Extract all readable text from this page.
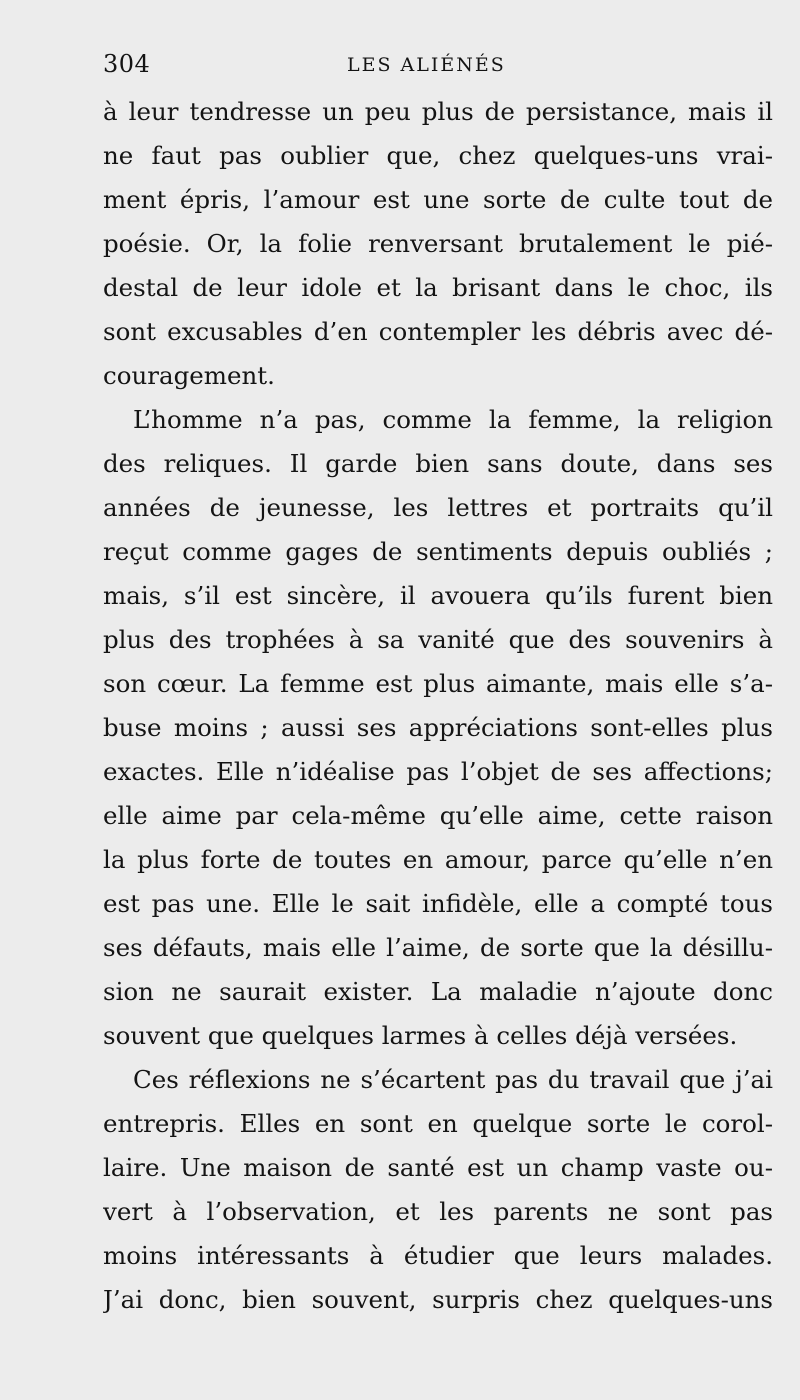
304	LES ALIÉNÉS
à leur tendresse un peu plus de persistance, mais il
ne faut pas oublier que, chez quelques-uns vrai-
ment épris, l’amour est une sorte de culte tout de
poésie. Or, la folie renversant brutalement le pié-
destal de leur idole et la brisant dans le choc, ils
sont excusables d’en contempler les débris avec dé-
couragement.
L’homme n’a pas, comme la femme, la religion
des reliques. Il garde bien sans doute, dans ses
années de jeunesse, les lettres et portraits qu’il
reçut comme gages de sentiments depuis oubliés ;
mais, s’il est sincère, il avouera qu’ils furent bien
plus des trophées à sa vanité que des souvenirs à
son cœur. La femme est plus aimante, mais elle s’a-
buse moins ; aussi ses appréciations sont-elles plus
exactes. Elle n’idéalise pas l’objet de ses affections;
elle aime par cela-même qu’elle aime, cette raison
la plus forte de toutes en amour, parce qu’elle n’en
est pas une. Elle le sait infidèle, elle a compté tous
ses défauts, mais elle l’aime, de sorte que la désillu-
sion ne saurait exister. La maladie n’ajoute donc
souvent que quelques larmes à celles déjà versées.
Ces réflexions ne s’écartent pas du travail que j’ai
entrepris. Elles en sont en quelque sorte le corol-
laire. Une maison de santé est un champ vaste ou-
vert à l’observation, et les parents ne sont pas
moins intéressants à étudier que leurs malades.
J’ai donc, bien souvent, surpris chez quelques-uns
